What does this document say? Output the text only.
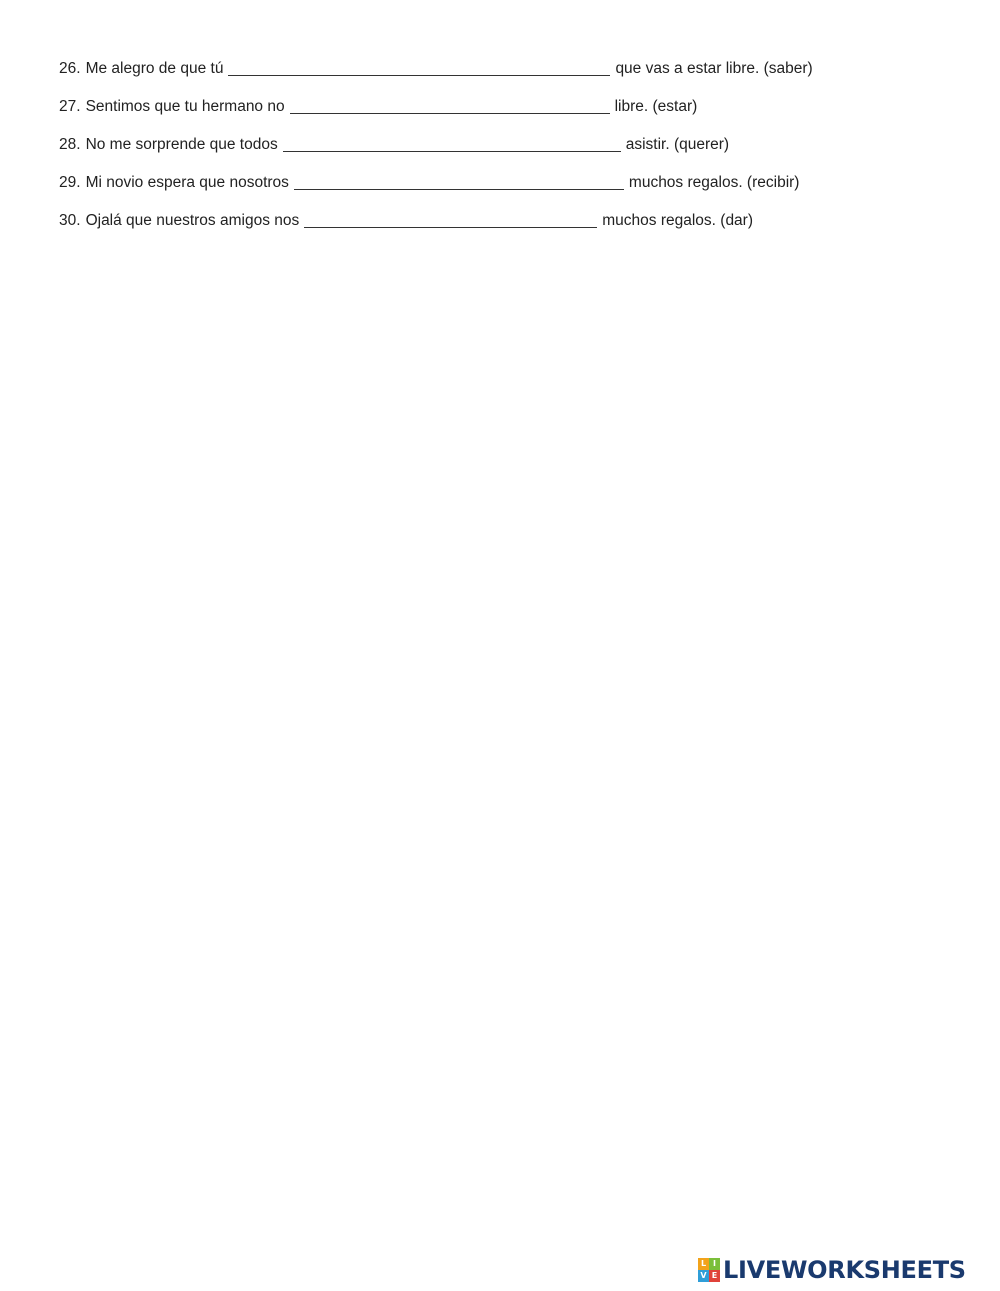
26. Me alegro de que tú	que vas a estar libre. (saber)
27. Sentimos que tu hermano no	libre. (estar)
28. No me sorprende que todos	asistir. (querer)
29. Mi novio espera que nosotros	muchos regalos. (recibir)
30. Ojalá que nuestros amigos nos	muchos regalos. (dar)
L I
V E LIVEWORKSHEETS
